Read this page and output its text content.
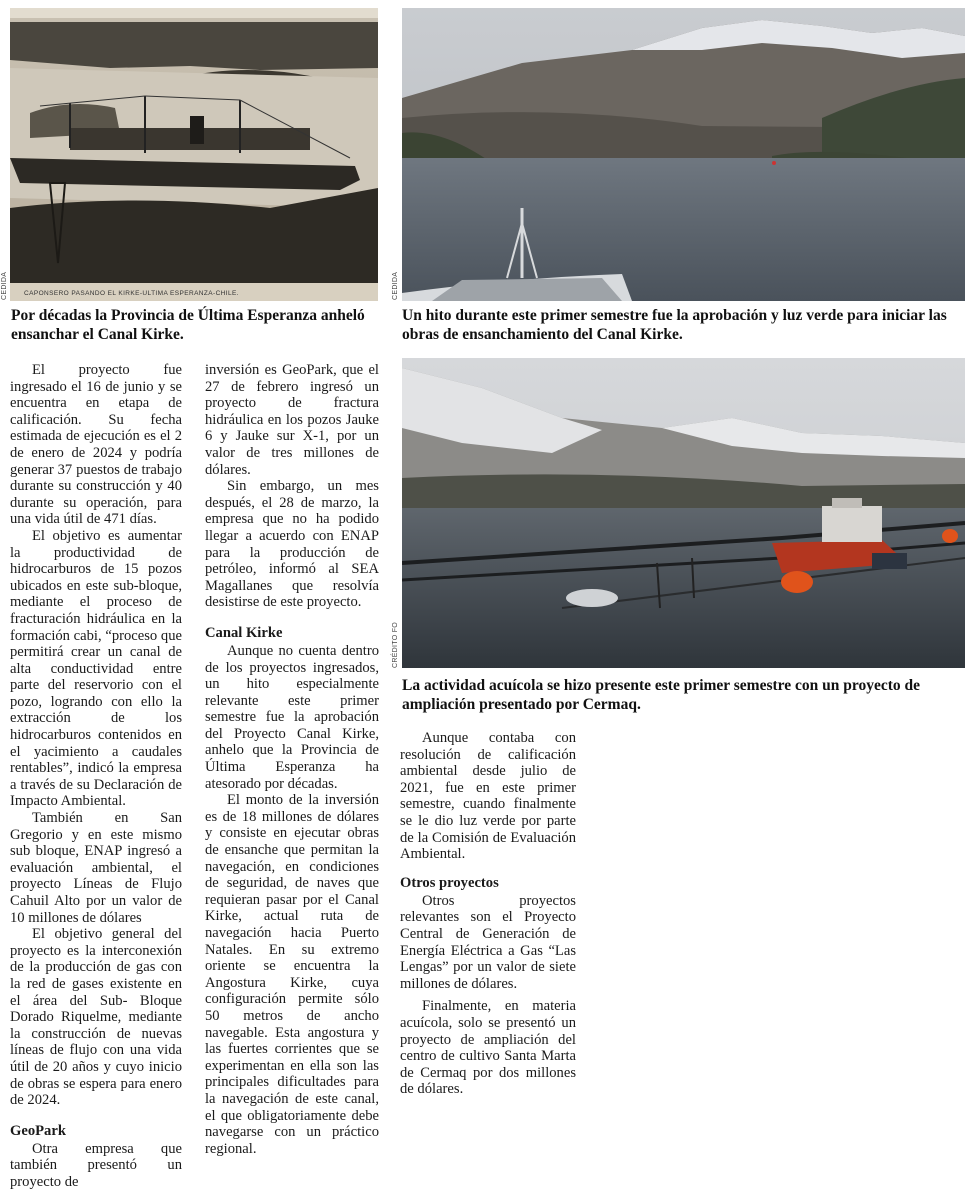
CAPONSERO PASANDO EL KIRKE-ULTIMA ESPERANZA-CHILE.
CEDIDA	CEDIDA
Por décadas la Provincia de Última Esperanza anheló ensanchar el Canal Kirke.
Un hito durante este primer semestre fue la aprobación y luz verde para iniciar las obras de ensanchamiento del Canal Kirke.
CRÉDITO FO
La actividad acuícola se hizo presente este primer semestre con un proyecto de ampliación presentado por Cermaq.

El proyecto fue ingresado el 16 de junio y se encuentra en etapa de calificación. Su fecha estimada de ejecución es el 2 de enero de 2024 y podría generar 37 puestos de trabajo durante su construcción y 40 durante su operación, para una vida útil de 471 días.

El objetivo es aumentar la productividad de hidrocarburos de 15 pozos ubicados en este sub-bloque, mediante el proceso de fracturación hidráulica en la formación cabi, “proceso que permitirá crear un canal de alta conductividad entre parte del reservorio con el pozo, logrando con ello la extracción de los hidrocarburos contenidos en el yacimiento a caudales rentables”, indicó la empresa a través de su Declaración de Impacto Ambiental.

También en San Gregorio y en este mismo sub bloque, ENAP ingresó a evaluación ambiental, el proyecto Líneas de Flujo Cahuil Alto por un valor de 10 millones de dólares

El objetivo general del proyecto es la interconexión de la producción de gas con la red de gases existente en el área del Sub- Bloque Dorado Riquelme, mediante la construcción de nuevas líneas de flujo con una vida útil de 20 años y cuyo inicio de obras se espera para enero de 2024.

GeoPark

Otra empresa que también presentó un proyecto de

inversión es GeoPark, que el 27 de febrero ingresó un proyecto de fractura hidráulica en los pozos Jauke 6 y Jauke sur X-1, por un valor de tres millones de dólares.

Sin embargo, un mes después, el 28 de marzo, la empresa que no ha podido llegar a acuerdo con ENAP para la producción de petróleo, informó al SEA Magallanes que resolvía desistirse de este proyecto.

Canal Kirke

Aunque no cuenta dentro de los proyectos ingresados, un hito especialmente relevante este primer semestre fue la aprobación del Proyecto Canal Kirke, anhelo que la Provincia de Última Esperanza ha atesorado por décadas.

El monto de la inversión es de 18 millones de dólares y consiste en ejecutar obras de ensanche que permitan la navegación, en condiciones de seguridad, de naves que requieran pasar por el Canal Kirke, actual ruta de navegación hacia Puerto Natales. En su extremo oriente se encuentra la Angostura Kirke, cuya configuración permite sólo 50 metros de ancho navegable. Esta angostura y las fuertes corrientes que se experimentan en ella son las principales dificultades para la navegación de este canal, el que obligatoriamente debe navegarse con un práctico regional.

Aunque contaba con resolución de calificación ambiental desde julio de 2021, fue en este primer semestre, cuando finalmente se le dio luz verde por parte de la Comisión de Evaluación Ambiental.

Otros proyectos

Otros proyectos relevantes son el Proyecto Central de Generación de Energía Eléctrica a Gas “Las Lengas” por un valor de siete millones de dólares.

Finalmente, en materia acuícola, solo se presentó un proyecto de ampliación del centro de cultivo Santa Marta de Cermaq por dos millones de dólares.
